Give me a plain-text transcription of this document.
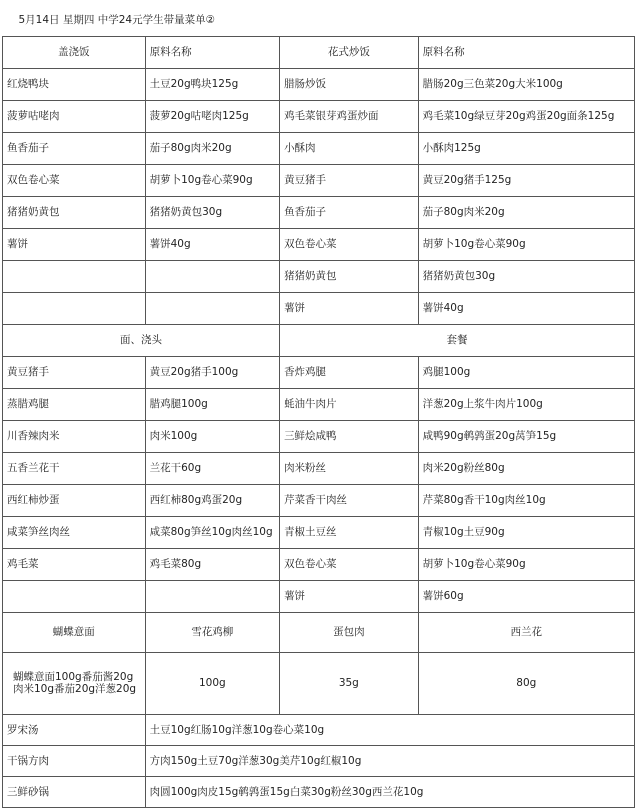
5月14日 星期四 中学24元学生带量菜单②			
盖浇饭	原料名称	花式炒饭	原料名称
红烧鸭块	土豆20g鸭块125g	腊肠炒饭	腊肠20g三色菜20g大米100g
菠萝咕咾肉	菠萝20g咕咾肉125g	鸡毛菜银芽鸡蛋炒面	鸡毛菜10g绿豆芽20g鸡蛋20g面条125g
鱼香茄子	茄子80g肉米20g	小酥肉	小酥肉125g
双色卷心菜	胡萝卜10g卷心菜90g	黄豆猪手	黄豆20g猪手125g
猪猪奶黄包	猪猪奶黄包30g	鱼香茄子	茄子80g肉米20g
薯饼	薯饼40g	双色卷心菜	胡萝卜10g卷心菜90g
		猪猪奶黄包	猪猪奶黄包30g
		薯饼	薯饼40g
面、浇头		套餐	
黄豆猪手	黄豆20g猪手100g	香炸鸡腿	鸡腿100g
蒸腊鸡腿	腊鸡腿100g	蚝油牛肉片	洋葱20g上浆牛肉片100g
川香辣肉米	肉米100g	三鲜烩咸鸭	咸鸭90g鹌鹑蛋20g莴笋15g
五香兰花干	兰花干60g	肉米粉丝	肉米20g粉丝80g
西红柿炒蛋	西红柿80g鸡蛋20g	芹菜香干肉丝	芹菜80g香干10g肉丝10g
咸菜笋丝肉丝	咸菜80g笋丝10g肉丝10g	青椒土豆丝	青椒10g土豆90g
鸡毛菜	鸡毛菜80g	双色卷心菜	胡萝卜10g卷心菜90g
		薯饼	薯饼60g
蝴蝶意面	雪花鸡柳	蛋包肉	西兰花
蝴蝶意面100g番茄酱20g肉米10g番茄20g洋葱20g	100g	35g	80g
罗宋汤	土豆10g红肠10g洋葱10g卷心菜10g		
干锅方肉	方肉150g土豆70g洋葱30g美芹10g红椒10g		
三鲜砂锅	肉圆100g肉皮15g鹌鹑蛋15g白菜30g粉丝30g西兰花10g		
